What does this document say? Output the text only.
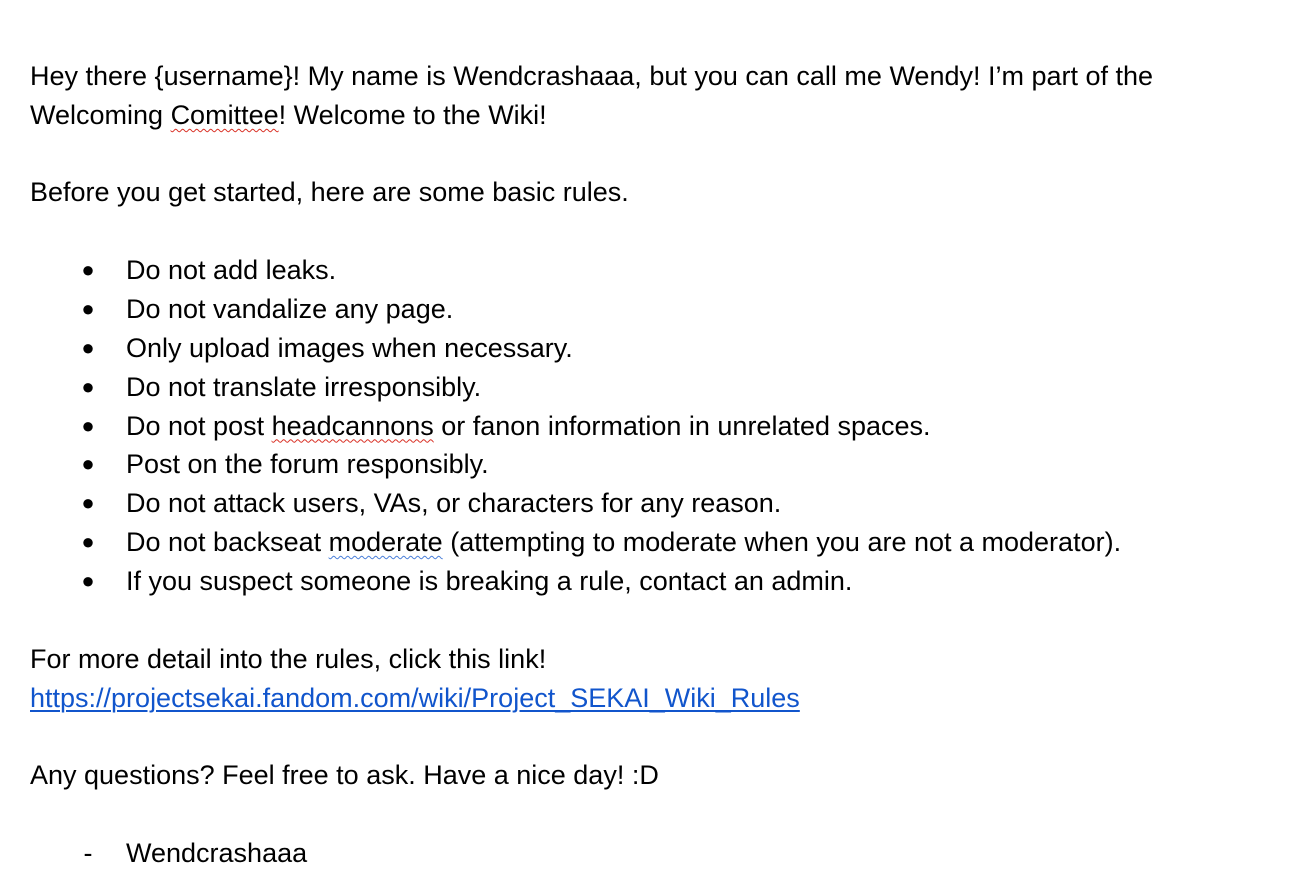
Hey there {username}! My name is Wendcrashaaa, but you can call me Wendy! I’m part of the
Welcoming Comittee! Welcome to the Wiki!
Before you get started, here are some basic rules.
● Do not add leaks.
● Do not vandalize any page.
● Only upload images when necessary.
● Do not translate irresponsibly.
● Do not post headcannons or fanon information in unrelated spaces.
● Post on the forum responsibly.
● Do not attack users, VAs, or characters for any reason.
● Do not backseat moderate (attempting to moderate when you are not a moderator).
● If you suspect someone is breaking a rule, contact an admin.
For more detail into the rules, click this link!
https://projectsekai.fandom.com/wiki/Project_SEKAI_Wiki_Rules
Any questions? Feel free to ask. Have a nice day! :D
- Wendcrashaaa
